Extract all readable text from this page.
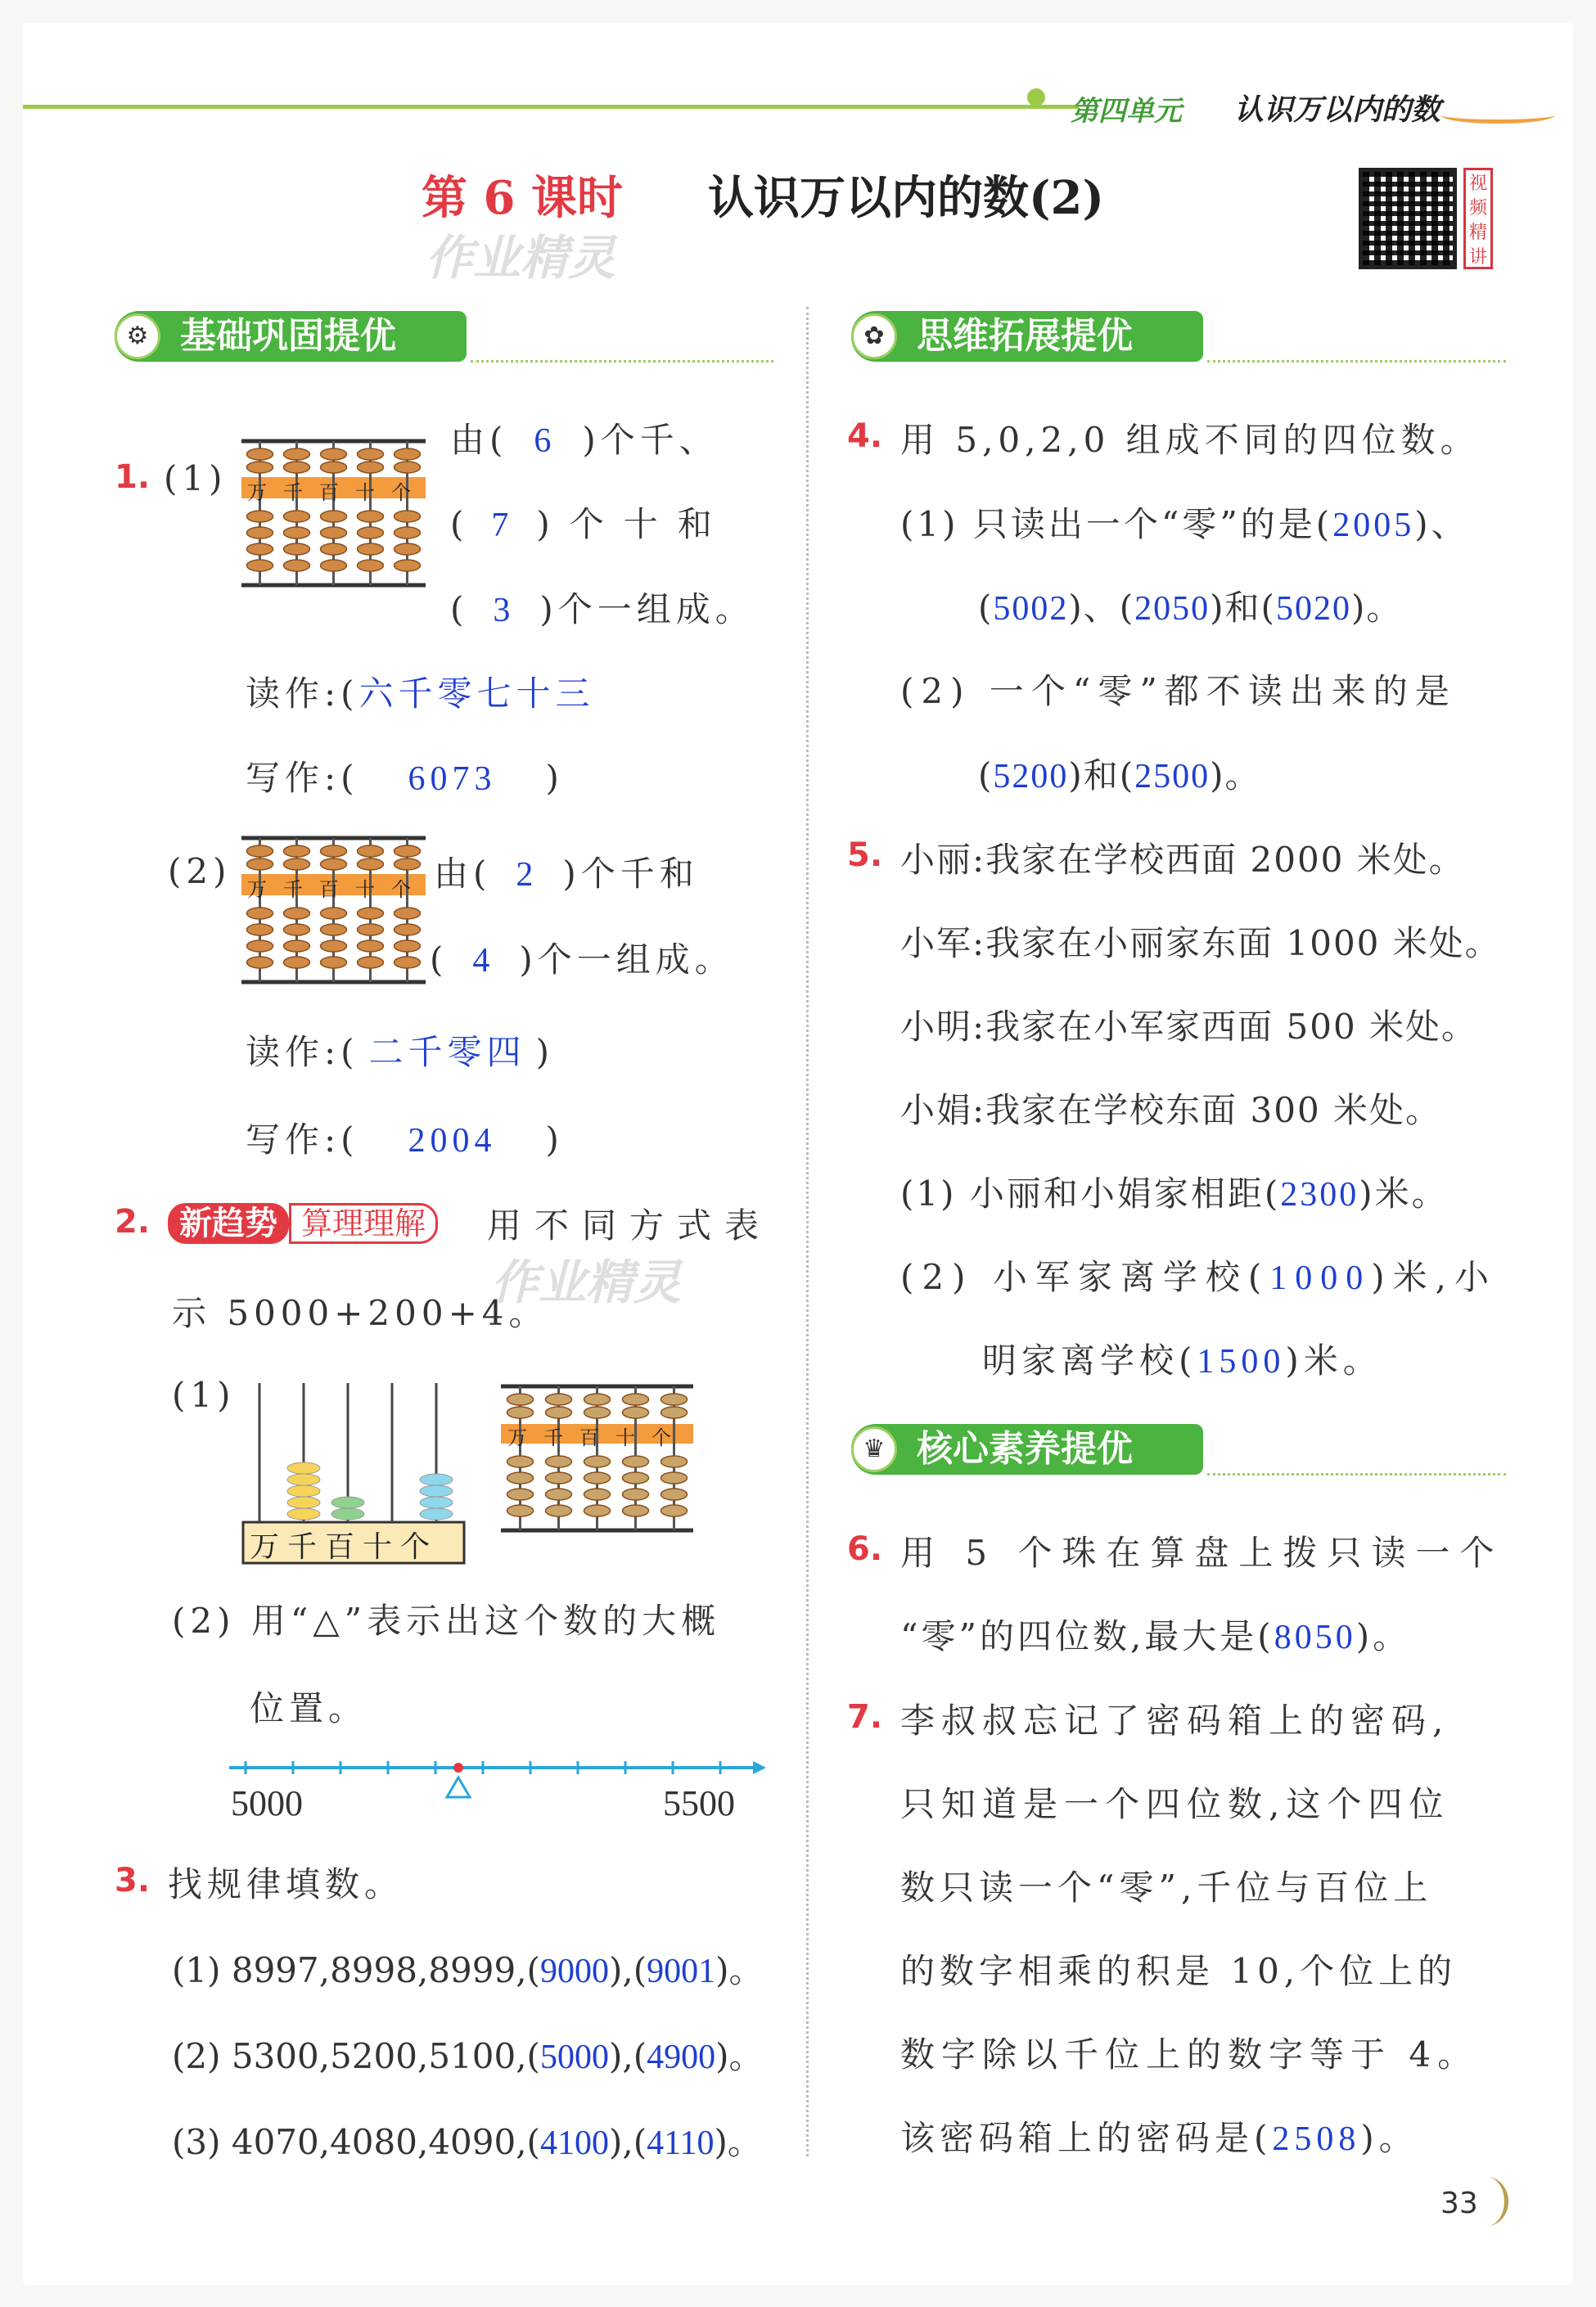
第四单元 认识万以内的数
第 6 课时 认识万以内的数(2)
作业精灵
视
频
精
讲
基础巩固提优
⚙
1. (1) 万千百十个
由( 6 )个千、
( 7 )个十和
( 3 )个一组成。
读作:(六千零七十三
写作:( 6073 )
(2) 万千百十个 由( 2 )个千和
( 4 )个一组成。
读作:( 二千零四 )
写作:( 2004 )
2. 新趋势 算理理解	用不同方式表
示 5000+200+4。
作业精灵
(1)
万千百十个
万千百十个
(2) 用“△”表示出这个数的大概
位置。
5000	5500
3. 找规律填数。
(1) 8997,8998,8999,(9000),(9001)。
(2) 5300,5200,5100,(5000),(4900)。
(3) 4070,4080,4090,(4100),(4110)。
思维拓展提优
✿
4. 用 5,0,2,0 组成不同的四位数。
(1) 只读出一个“零”的是(2005)、
(5002)、(2050)和(5020)。
(2) 一个“零”都不读出来的是
(5200)和(2500)。
5. 小丽:我家在学校西面 2000 米处。
小军:我家在小丽家东面 1000 米处。
小明:我家在小军家西面 500 米处。
小娟:我家在学校东面 300 米处。
(1) 小丽和小娟家相距(2300)米。
(2) 小军家离学校(1000)米,小
明家离学校(1500)米。
核心素养提优
♛
6. 用 5 个珠在算盘上拨只读一个
“零”的四位数,最大是(8050)。
7. 李叔叔忘记了密码箱上的密码,
只知道是一个四位数,这个四位
数只读一个“零”,千位与百位上
的数字相乘的积是 10,个位上的
数字除以千位上的数字等于 4。
该密码箱上的密码是(2508)。
33
